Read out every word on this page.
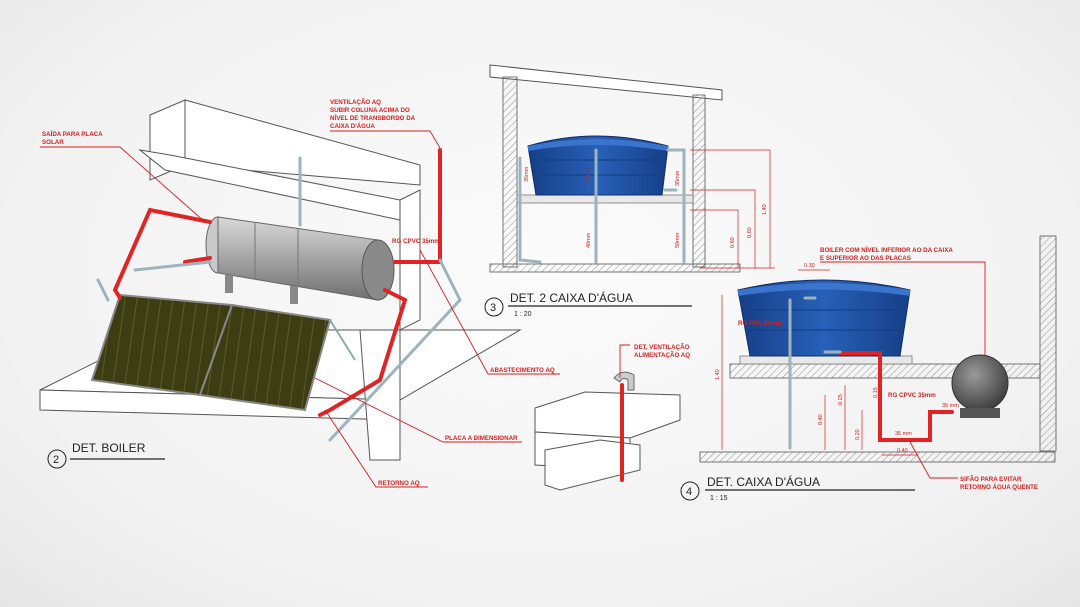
SAÍDA PARA PLACA
SOLAR
VENTILAÇÃO AQ
SUBIR COLUNA ACIMA DO
NÍVEL DE TRANSBORDO DA
CAIXA D'ÁGUA
RG CPVC 35mm
ABASTECIMENTO AQ
PLACA A DIMENSIONAR
RETORNO AQ
2
DET. BOILER
35mm	35mm
40mm	50mm
35mm
1.40
0.60
0.60
3
DET. 2 CAIXA D'ÁGUA
1 : 20
DET. VENTILAÇÃO
ALIMENTAÇÃO AQ
BOILER COM NÍVEL INFERIOR AO DA CAIXA
E SUPERIOR AO DAS PLACAS
RG PVC 35mm
RG CPVC 35mm
SIFÃO PARA EVITAR
RETORNO ÁGUA QUENTE
0.30
1.40
0.40
0.25
0.20
0.15
35 mm
35 mm
0.40
4
DET. CAIXA D'ÁGUA
1 : 15
